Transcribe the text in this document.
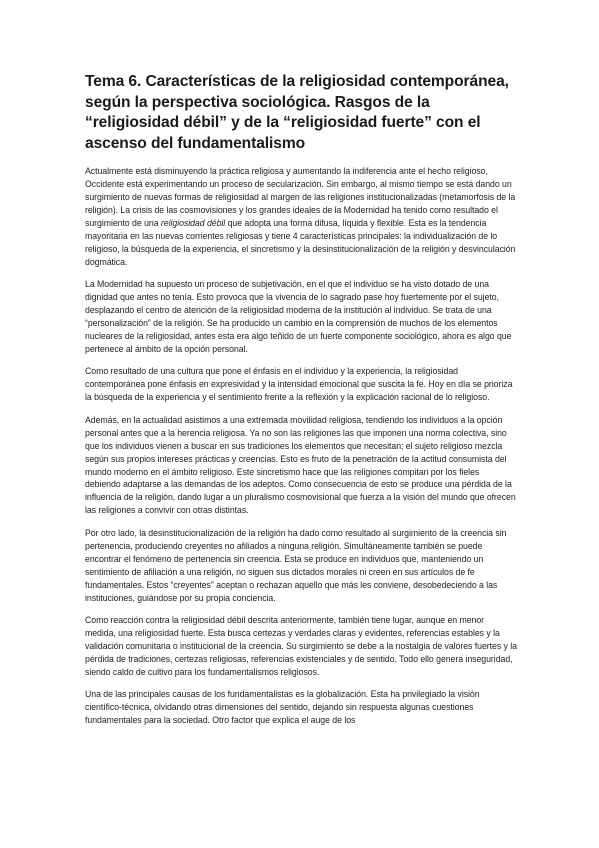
Tema 6. Características de la religiosidad contemporánea, según la perspectiva sociológica. Rasgos de la “religiosidad débil” y de la “religiosidad fuerte” con el ascenso del fundamentalismo

Actualmente está disminuyendo la práctica religiosa y aumentando la indiferencia ante el hecho religioso, Occidente está experimentando un proceso de secularización. Sin embargo, al mismo tiempo se está dando un surgimiento de nuevas formas de religiosidad al margen de las religiones institucionalizadas (metamorfosis de la religión). La crisis de las cosmovisiones y los grandes ideales de la Modernidad ha tenido como resultado el surgimiento de una religiosidad débil que adopta una forma difusa, líquida y flexible. Esta es la tendencia mayoritaria en las nuevas corrientes religiosas y tiene 4 características principales: la individualización de lo religioso, la búsqueda de la experiencia, el sincretismo y la desinstitucionalización de la religión y desvinculación dogmática.

La Modernidad ha supuesto un proceso de subjetivación, en el que el individuo se ha visto dotado de una dignidad que antes no tenía. Esto provoca que la vivencia de lo sagrado pase hoy fuertemente por el sujeto, desplazando el centro de atención de la religiosidad moderna de la institución al individuo. Se trata de una “personalización” de la religión. Se ha producido un cambio en la comprensión de muchos de los elementos nucleares de la religiosidad, antes esta era algo teñido de un fuerte componente sociológico, ahora es algo que pertenece al ámbito de la opción personal.

Como resultado de una cultura que pone el énfasis en el individuo y la experiencia, la religiosidad contemporánea pone énfasis en expresividad y la intensidad emocional que suscita la fe. Hoy en día se prioriza la búsqueda de la experiencia y el sentimiento frente a la reflexión y la explicación racional de lo religioso.

Además, en la actualidad asistimos a una extremada movilidad religiosa, tendiendo los individuos a la opción personal antes que a la herencia religiosa. Ya no son las religiones las que imponen una norma colectiva, sino que los individuos vienen a buscar en sus tradiciones los elementos que necesitan; el sujeto religioso mezcla según sus propios intereses prácticas y creencias. Esto es fruto de la penetración de la actitud consumista del mundo moderno en el ámbito religioso. Este sincretismo hace que las religiones compitan por los fieles debiendo adaptarse a las demandas de los adeptos. Como consecuencia de esto se produce una pérdida de la influencia de la religión, dando lugar a un pluralismo cosmovisional que fuerza a la visión del mundo que ofrecen las religiones a convivir con otras distintas.

Por otro lado, la desinstitucionalización de la religión ha dado como resultado al surgimiento de la creencia sin pertenencia, produciendo creyentes no afiliados a ninguna religión. Simultáneamente también se puede encontrar el fenómeno de pertenencia sin creencia. Esta se produce en individuos que, manteniendo un sentimiento de afiliación a una religión, no siguen sus dictados morales ni creen en sus artículos de fe fundamentales. Estos “creyentes” aceptan o rechazan aquello que más les conviene, desobedeciendo a las instituciones, guiándose por su propia conciencia.

Como reacción contra la religiosidad débil descrita anteriormente, también tiene lugar, aunque en menor medida, una religiosidad fuerte. Esta busca certezas y verdades claras y evidentes, referencias estables y la validación comunitaria o institucional de la creencia. Su surgimiento se debe a la nostalgia de valores fuertes y la pérdida de tradiciones, certezas religiosas, referencias existenciales y de sentido. Todo ello genera inseguridad, siendo caldo de cultivo para los fundamentalismos religiosos.

Una de las principales causas de los fundamentalistas es la globalización. Esta ha privilegiado la visión científico-técnica, olvidando otras dimensiones del sentido, dejando sin respuesta algunas cuestiones fundamentales para la sociedad. Otro factor que explica el auge de los
